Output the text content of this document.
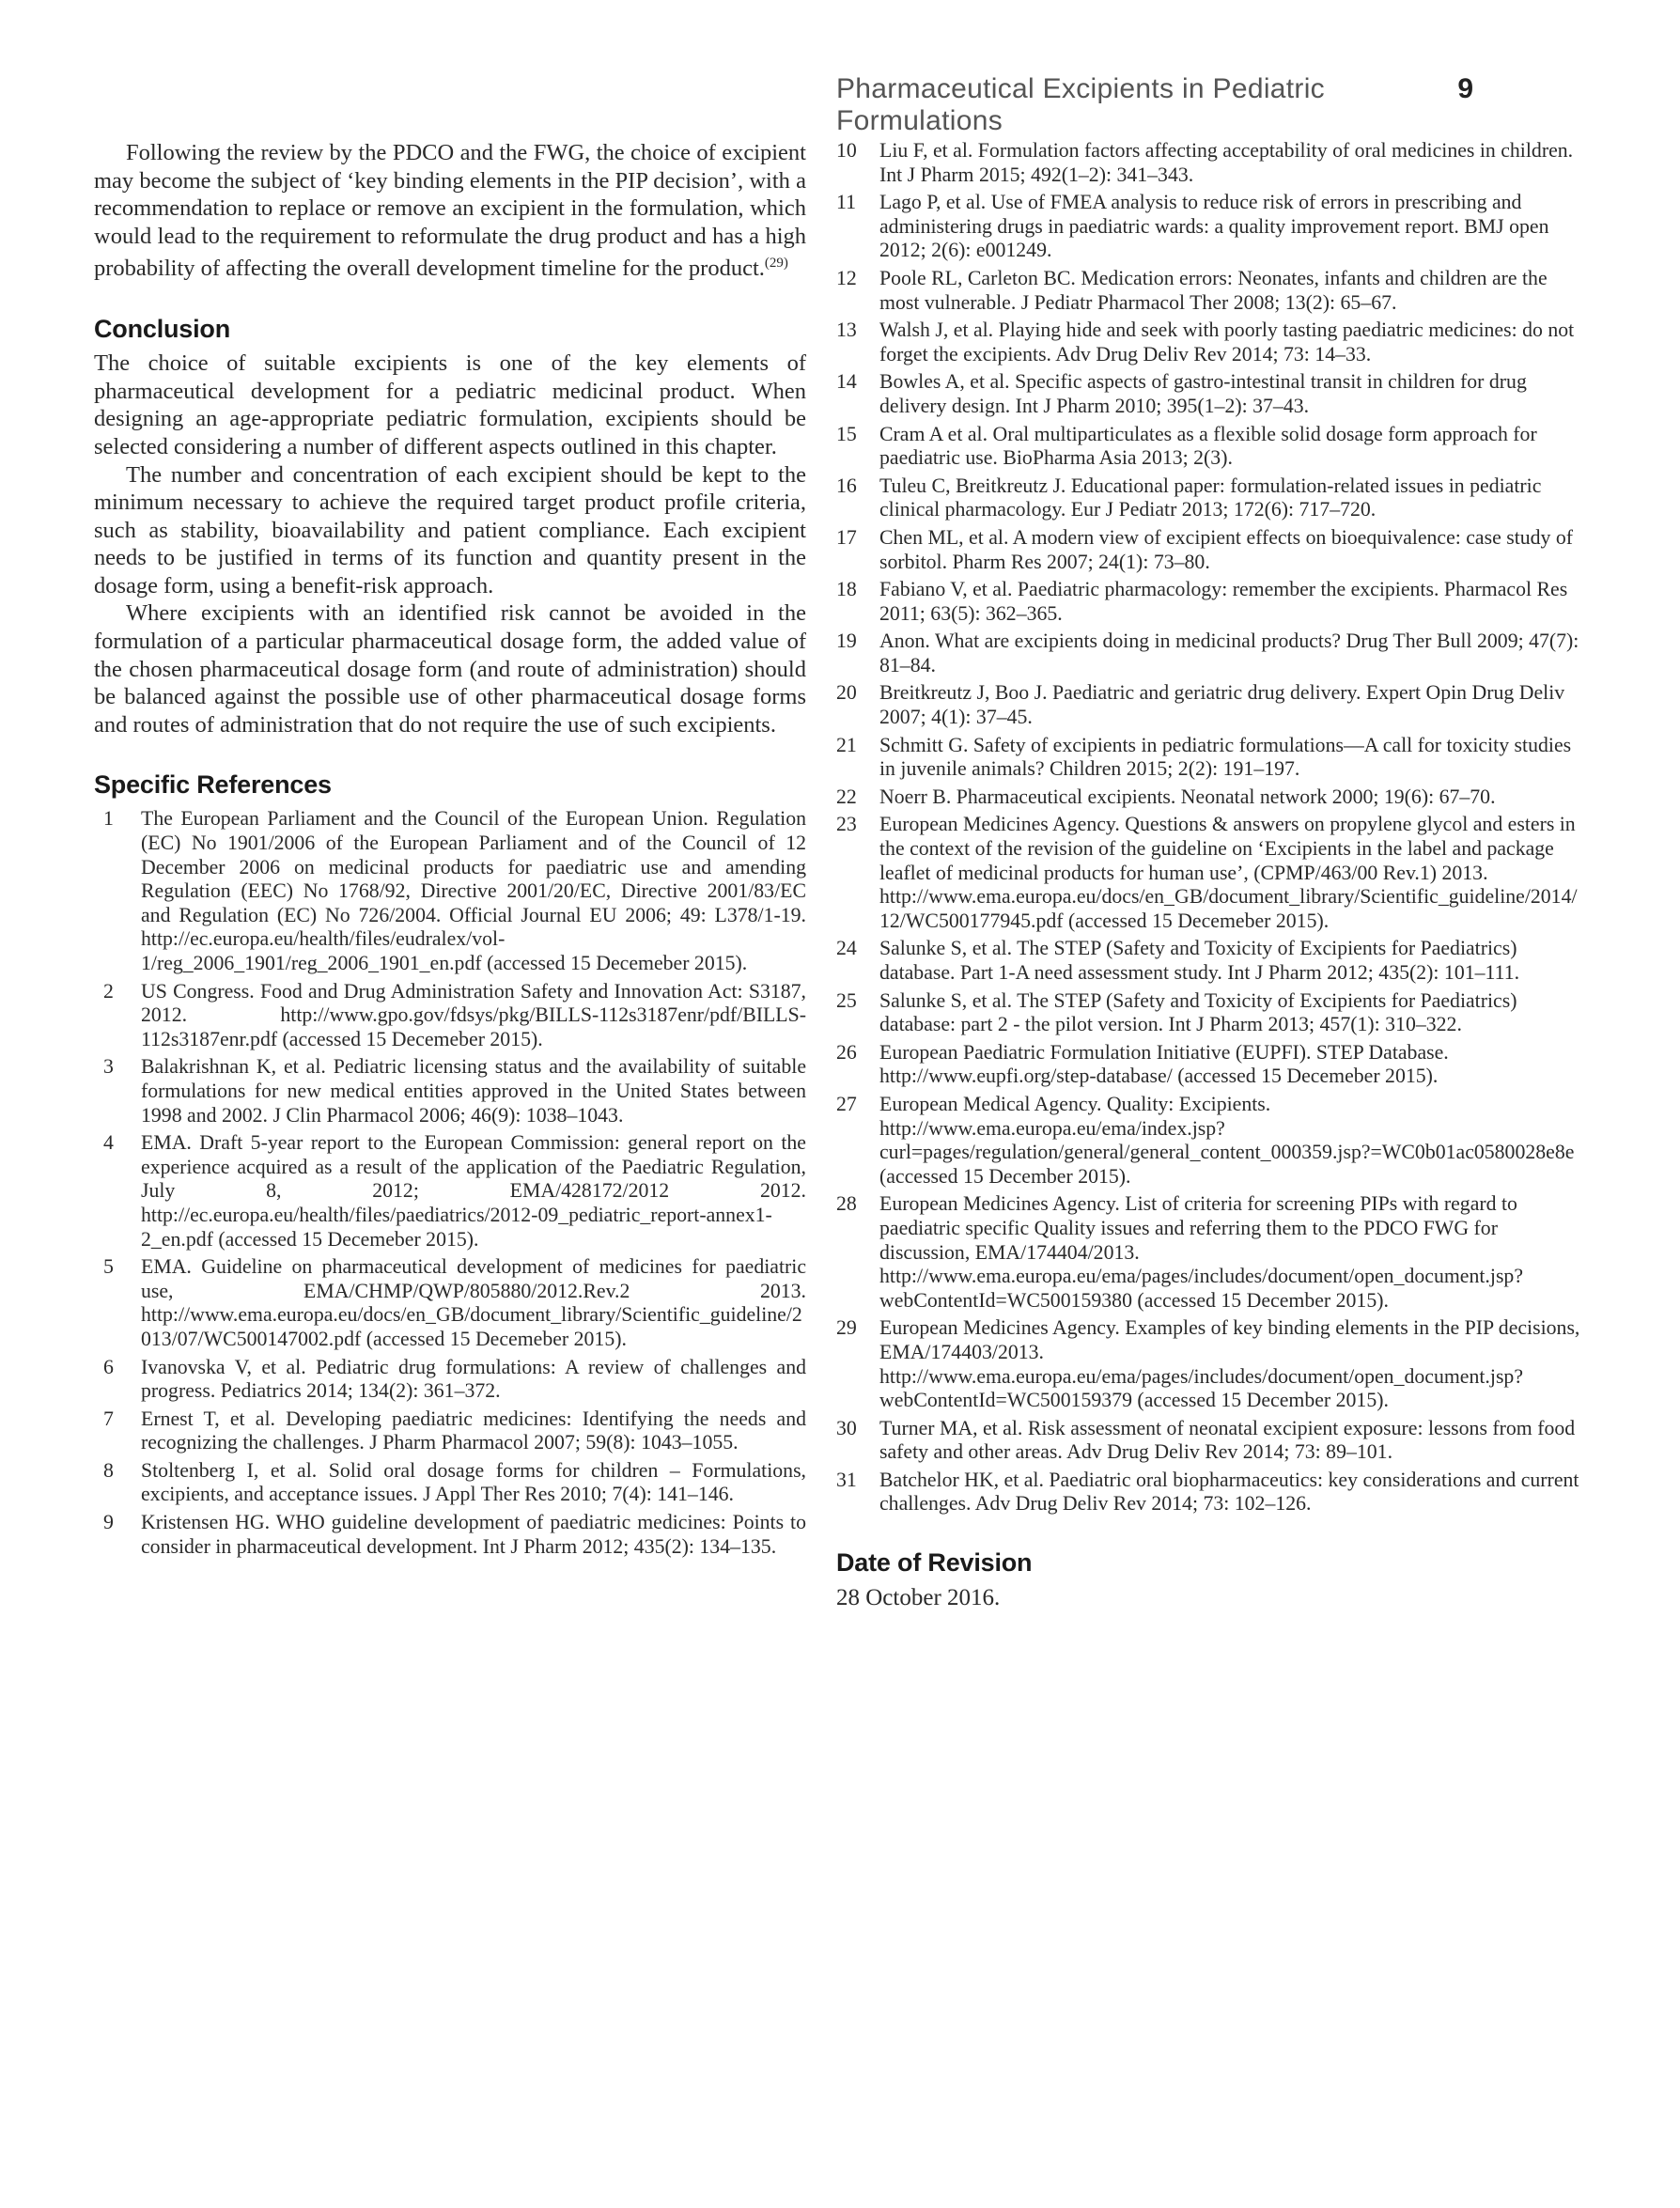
Pharmaceutical Excipients in Pediatric Formulations
9

Following the review by the PDCO and the FWG, the choice of excipient may become the subject of ‘key binding elements in the PIP decision’, with a recommendation to replace or remove an excipient in the formulation, which would lead to the requirement to reformulate the drug product and has a high probability of affecting the overall development timeline for the product.$^{(29)}$

Conclusion

The choice of suitable excipients is one of the key elements of pharmaceutical development for a pediatric medicinal product. When designing an age-appropriate pediatric formulation, excipients should be selected considering a number of different aspects outlined in this chapter.

The number and concentration of each excipient should be kept to the minimum necessary to achieve the required target product profile criteria, such as stability, bioavailability and patient compliance. Each excipient needs to be justified in terms of its function and quantity present in the dosage form, using a benefit-risk approach.

Where excipients with an identified risk cannot be avoided in the formulation of a particular pharmaceutical dosage form, the added value of the chosen pharmaceutical dosage form (and route of administration) should be balanced against the possible use of other pharmaceutical dosage forms and routes of administration that do not require the use of such excipients.

Specific References
1	The European Parliament and the Council of the European Union. Regulation (EC) No 1901/2006 of the European Parliament and of the Council of 12 December 2006 on medicinal products for paediatric use and amending Regulation (EEC) No 1768/92, Directive 2001/20/EC, Directive 2001/83/EC and Regulation (EC) No 726/2004. Official Journal EU 2006; 49: L378/1-19. http://ec.europa.eu/health/files/eudralex/vol-1/reg_2006_1901/reg_2006_1901_en.pdf (accessed 15 Decemeber 2015).
2	US Congress. Food and Drug Administration Safety and Innovation Act: S3187, 2012. http://www.gpo.gov/fdsys/pkg/BILLS-112s3187enr/pdf/BILLS-112s3187enr.pdf (accessed 15 Decemeber 2015).
3	Balakrishnan K, et al. Pediatric licensing status and the availability of suitable formulations for new medical entities approved in the United States between 1998 and 2002. J Clin Pharmacol 2006; 46(9): 1038–1043.
4	EMA. Draft 5-year report to the European Commission: general report on the experience acquired as a result of the application of the Paediatric Regulation, July 8, 2012; EMA/428172/2012 2012. http://ec.europa.eu/health/files/paediatrics/2012-09_pediatric_report-annex1-2_en.pdf (accessed 15 Decemeber 2015).
5	EMA. Guideline on pharmaceutical development of medicines for paediatric use, EMA/CHMP/QWP/805880/2012.Rev.2 2013. http://www.ema.europa.eu/docs/en_GB/document_library/Scientific_guideline/2013/07/WC500147002.pdf (accessed 15 Decemeber 2015).
6	Ivanovska V, et al. Pediatric drug formulations: A review of challenges and progress. Pediatrics 2014; 134(2): 361–372.
7	Ernest T, et al. Developing paediatric medicines: Identifying the needs and recognizing the challenges. J Pharm Pharmacol 2007; 59(8): 1043–1055.
8	Stoltenberg I, et al. Solid oral dosage forms for children – Formulations, excipients, and acceptance issues. J Appl Ther Res 2010; 7(4): 141–146.
9	Kristensen HG. WHO guideline development of paediatric medicines: Points to consider in pharmaceutical development. Int J Pharm 2012; 435(2): 134–135.
10	Liu F, et al. Formulation factors affecting acceptability of oral medicines in children. Int J Pharm 2015; 492(1–2): 341–343.
11	Lago P, et al. Use of FMEA analysis to reduce risk of errors in prescribing and administering drugs in paediatric wards: a quality improvement report. BMJ open 2012; 2(6): e001249.
12	Poole RL, Carleton BC. Medication errors: Neonates, infants and children are the most vulnerable. J Pediatr Pharmacol Ther 2008; 13(2): 65–67.
13	Walsh J, et al. Playing hide and seek with poorly tasting paediatric medicines: do not forget the excipients. Adv Drug Deliv Rev 2014; 73: 14–33.
14	Bowles A, et al. Specific aspects of gastro-intestinal transit in children for drug delivery design. Int J Pharm 2010; 395(1–2): 37–43.
15	Cram A et al. Oral multiparticulates as a flexible solid dosage form approach for paediatric use. BioPharma Asia 2013; 2(3).
16	Tuleu C, Breitkreutz J. Educational paper: formulation-related issues in pediatric clinical pharmacology. Eur J Pediatr 2013; 172(6): 717–720.
17	Chen ML, et al. A modern view of excipient effects on bioequivalence: case study of sorbitol. Pharm Res 2007; 24(1): 73–80.
18	Fabiano V, et al. Paediatric pharmacology: remember the excipients. Pharmacol Res 2011; 63(5): 362–365.
19	Anon. What are excipients doing in medicinal products? Drug Ther Bull 2009; 47(7): 81–84.
20	Breitkreutz J, Boo J. Paediatric and geriatric drug delivery. Expert Opin Drug Deliv 2007; 4(1): 37–45.
21	Schmitt G. Safety of excipients in pediatric formulations—A call for toxicity studies in juvenile animals? Children 2015; 2(2): 191–197.
22	Noerr B. Pharmaceutical excipients. Neonatal network 2000; 19(6): 67–70.
23	European Medicines Agency. Questions & answers on propylene glycol and esters in the context of the revision of the guideline on ‘Excipients in the label and package leaflet of medicinal products for human use’, (CPMP/463/00 Rev.1) 2013. http://www.ema.europa.eu/docs/en_GB/document_library/Scientific_guideline/2014/12/WC500177945.pdf (accessed 15 Decemeber 2015).
24	Salunke S, et al. The STEP (Safety and Toxicity of Excipients for Paediatrics) database. Part 1-A need assessment study. Int J Pharm 2012; 435(2): 101–111.
25	Salunke S, et al. The STEP (Safety and Toxicity of Excipients for Paediatrics) database: part 2 - the pilot version. Int J Pharm 2013; 457(1): 310–322.
26	European Paediatric Formulation Initiative (EUPFI). STEP Database. http://www.eupfi.org/step-database/ (accessed 15 Decemeber 2015).
27	European Medical Agency. Quality: Excipients. http://www.ema.europa.eu/ema/index.jsp?curl=pages/regulation/general/general_content_000359.jsp?=WC0b01ac0580028e8e (accessed 15 December 2015).
28	European Medicines Agency. List of criteria for screening PIPs with regard to paediatric specific Quality issues and referring them to the PDCO FWG for discussion, EMA/174404/2013. http://www.ema.europa.eu/ema/pages/includes/document/open_document.jsp?webContentId=WC500159380 (accessed 15 December 2015).
29	European Medicines Agency. Examples of key binding elements in the PIP decisions, EMA/174403/2013. http://www.ema.europa.eu/ema/pages/includes/document/open_document.jsp?webContentId=WC500159379 (accessed 15 December 2015).
30	Turner MA, et al. Risk assessment of neonatal excipient exposure: lessons from food safety and other areas. Adv Drug Deliv Rev 2014; 73: 89–101.
31	Batchelor HK, et al. Paediatric oral biopharmaceutics: key considerations and current challenges. Adv Drug Deliv Rev 2014; 73: 102–126.
Date of Revision

28 October 2016.
